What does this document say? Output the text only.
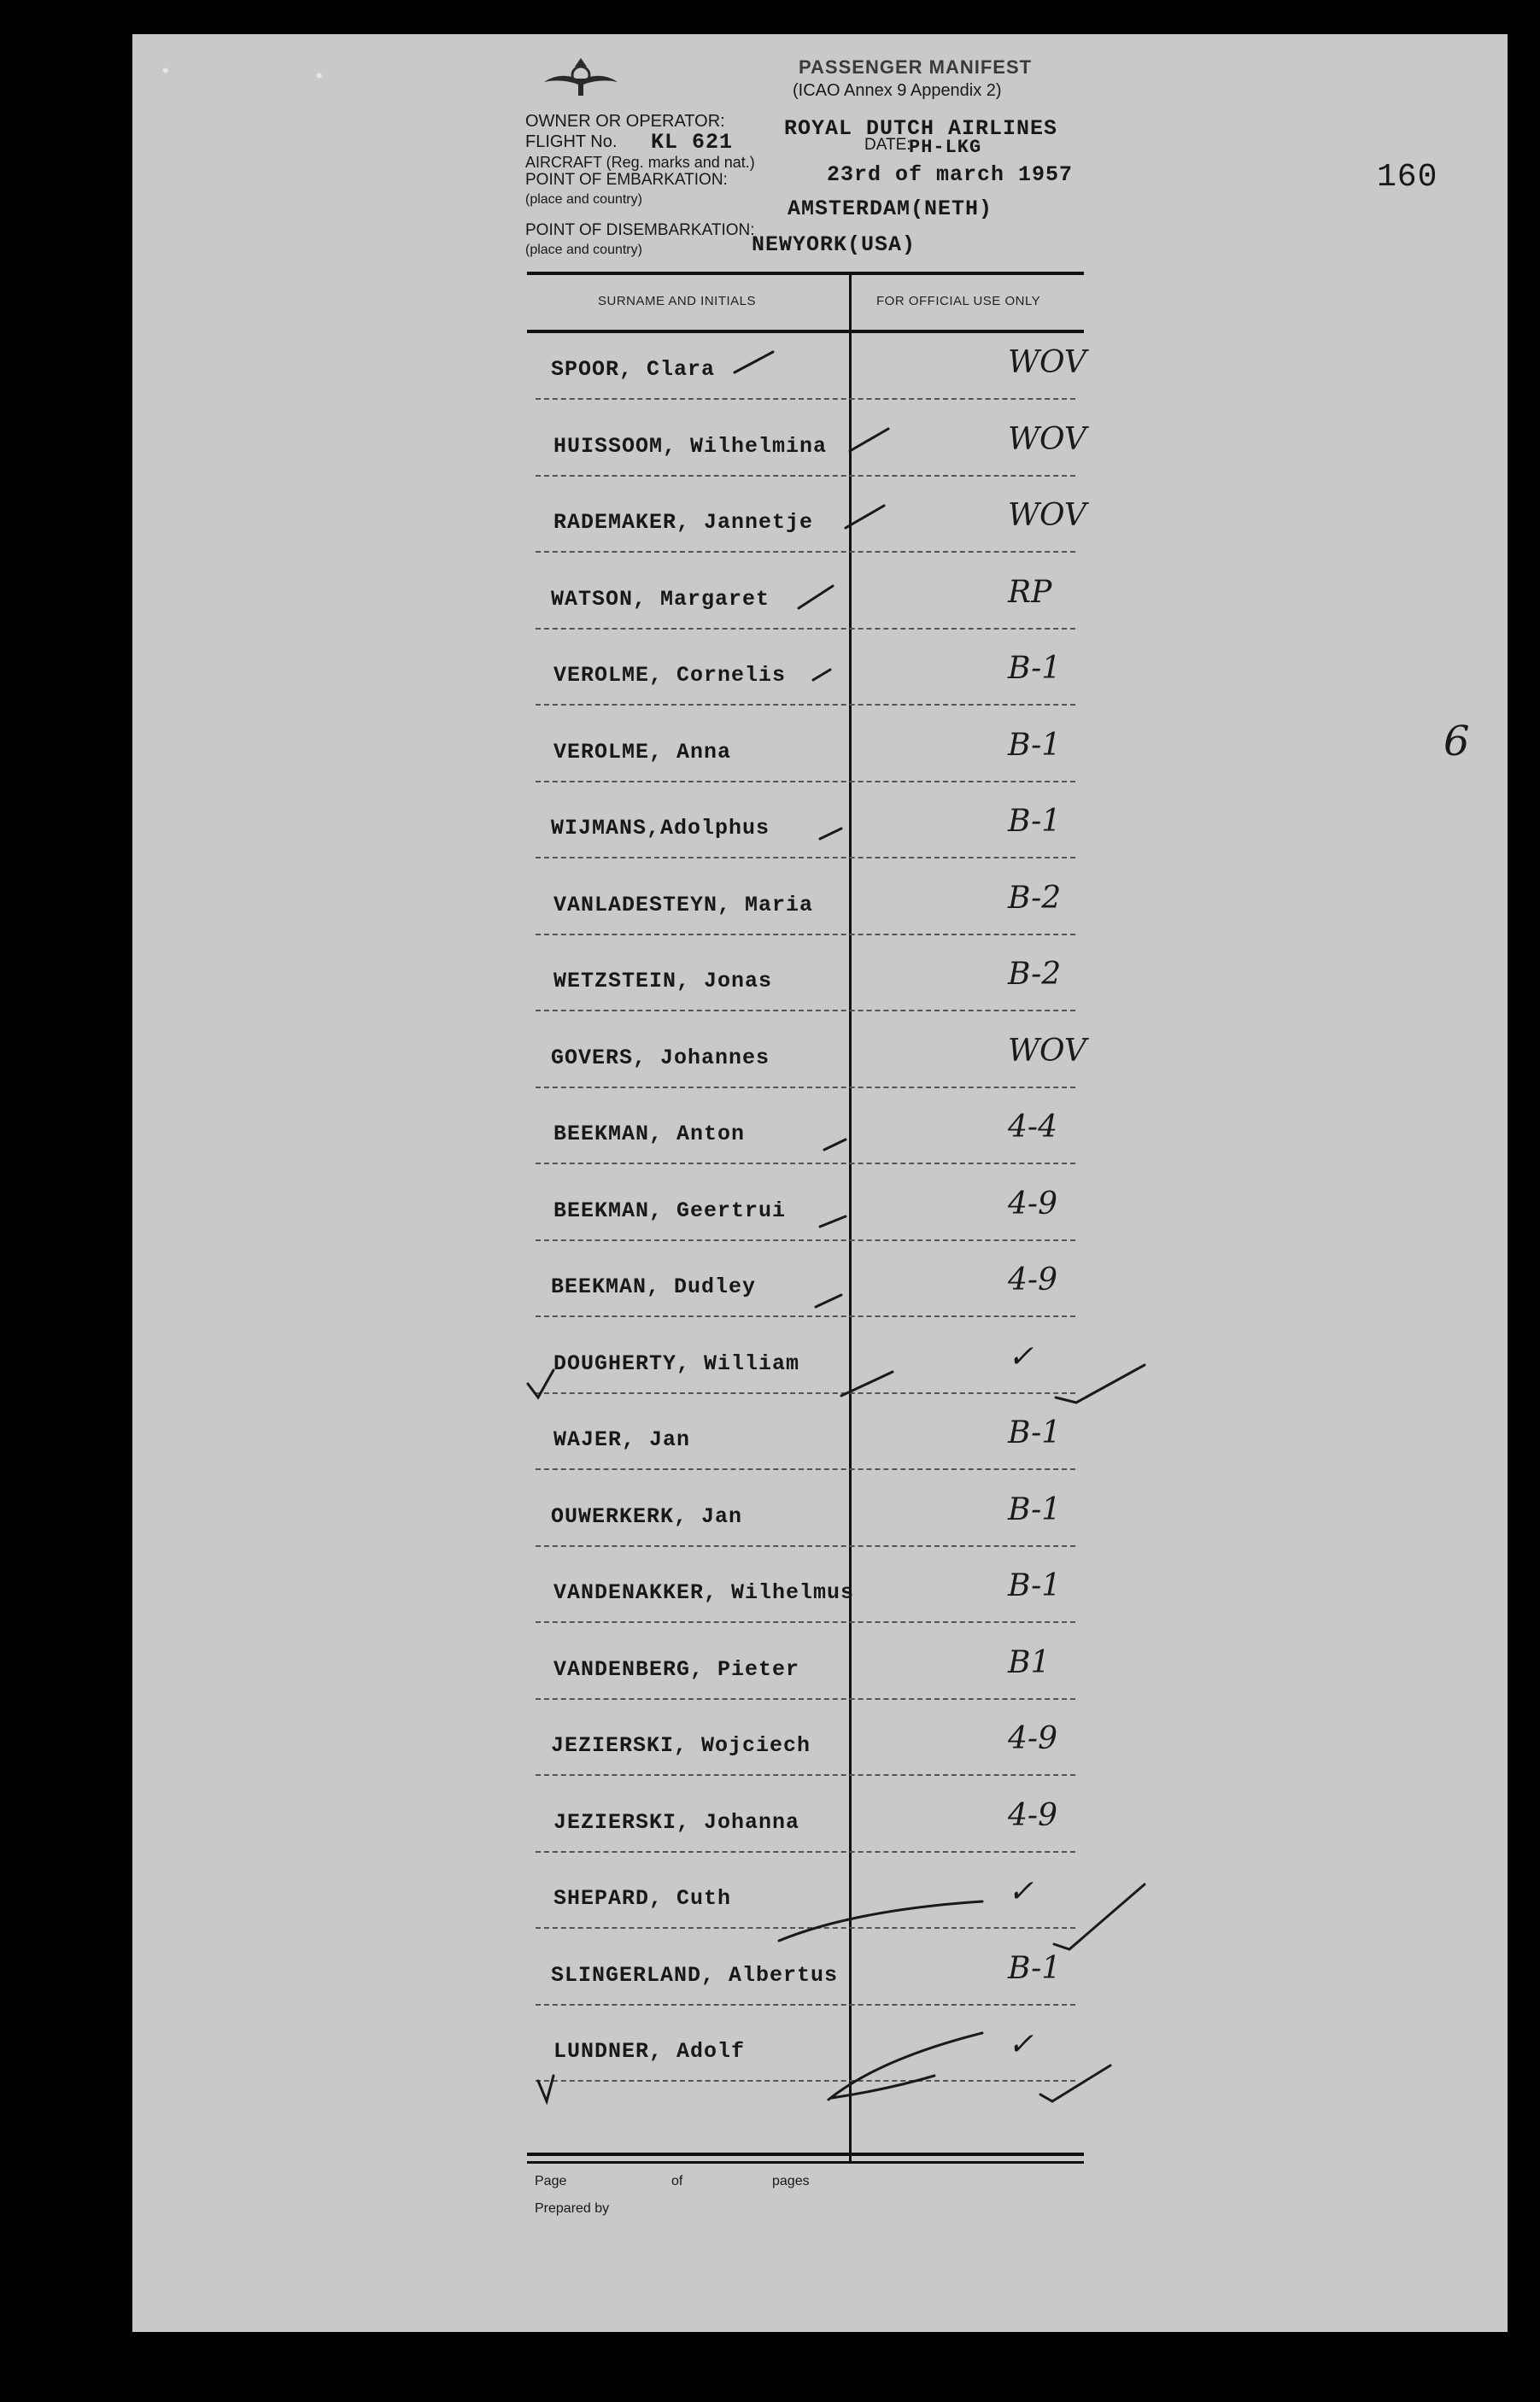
•	•	PASSENGER MANIFEST
(ICAO Annex 9 Appendix 2)
OWNER OR OPERATOR:	ROYAL DUTCH AIRLINES
FLIGHT No. KL 621	DATE:
PH-LKG
AIRCRAFT (Reg. marks and nat.)	23rd of march 1957
POINT OF EMBARKATION:
(place and country)	AMSTERDAM(NETH)
POINT OF DISEMBARKATION:
(place and country)	NEWYORK(USA)
160
6
SURNAME AND INITIALS	FOR OFFICIAL USE ONLY
SPOOR, Clara	WOV
HUISSOOM, Wilhelmina	WOV
RADEMAKER, Jannetje	WOV
WATSON, Margaret	RP
VEROLME, Cornelis	B-1
VEROLME, Anna	B-1
WIJMANS,Adolphus	B-1
VANLADESTEYN, Maria	B-2
WETZSTEIN, Jonas	B-2
GOVERS, Johannes	WOV
BEEKMAN, Anton	4-4
BEEKMAN, Geertrui	4-9
BEEKMAN, Dudley	4-9
DOUGHERTY, William	✓
WAJER, Jan	B-1
OUWERKERK, Jan	B-1
VANDENAKKER, Wilhelmus	B-1
VANDENBERG, Pieter	B1
JEZIERSKI, Wojciech	4-9
JEZIERSKI, Johanna	4-9
SHEPARD, Cuth	✓
SLINGERLAND, Albertus	B-1
LUNDNER, Adolf	✓
Page	of	pages
Prepared by
